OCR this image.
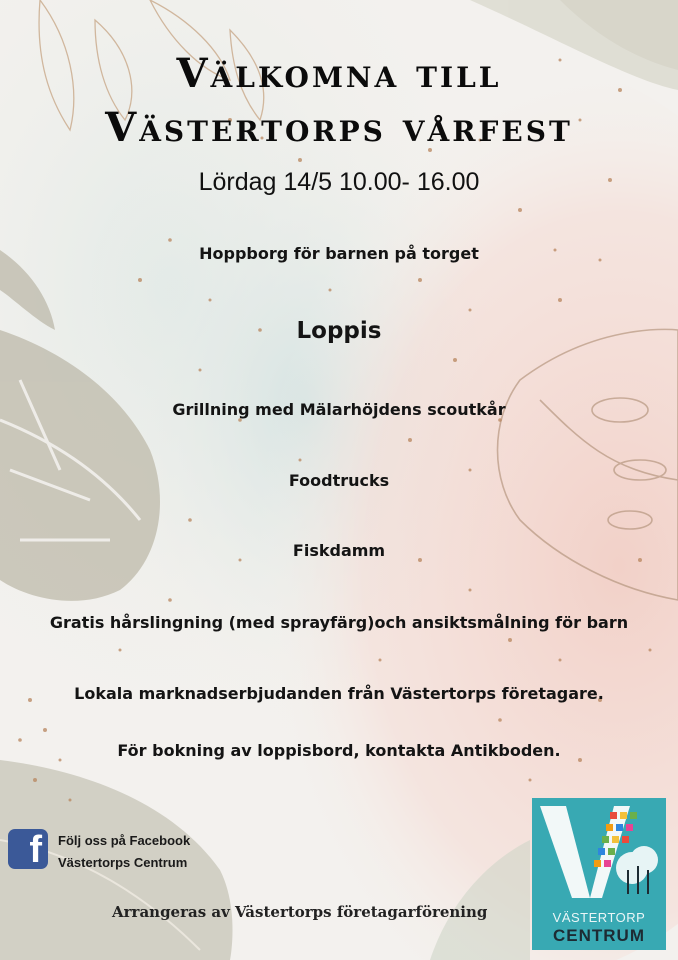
Välkomna till
Västertorps vårfest
Lördag 14/5 10.00- 16.00
Hoppborg för barnen på torget
Loppis
Grillning med Mälarhöjdens scoutkår
Foodtrucks
Fiskdamm
Gratis hårslingning (med sprayfärg)och ansiktsmålning för barn
Lokala marknadserbjudanden från Västertorps företagare.
För bokning av loppisbord, kontakta Antikboden.
f Följ oss på Facebook
Västertorps Centrum
Arrangeras av Västertorps företagarförening	VÄSTERTORP
CENTRUM
